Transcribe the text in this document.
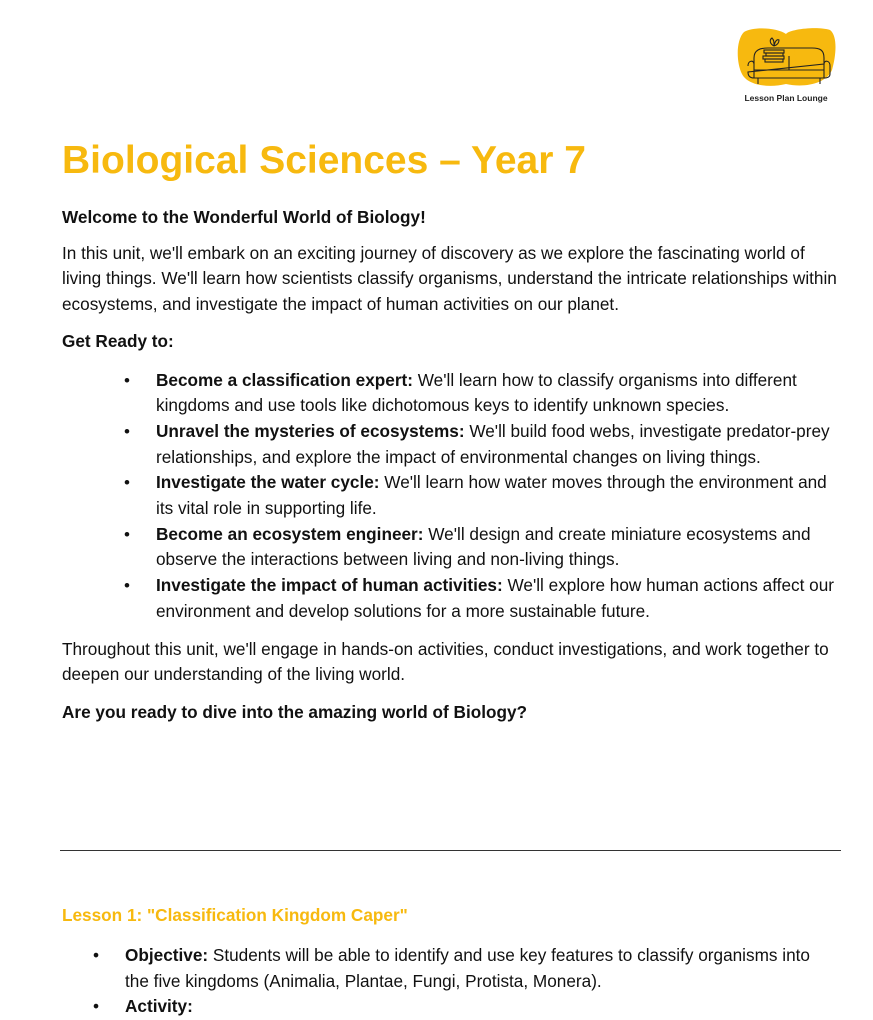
Lesson Plan Lounge
Biological Sciences – Year 7

Welcome to the Wonderful World of Biology!

In this unit, we'll embark on an exciting journey of discovery as we explore the fascinating world of living things. We'll learn how scientists classify organisms, understand the intricate relationships within ecosystems, and investigate the impact of human activities on our planet.

Get Ready to:

• Become a classification expert: We'll learn how to classify organisms into different kingdoms and use tools like dichotomous keys to identify unknown species.
• Unravel the mysteries of ecosystems: We'll build food webs, investigate predator-prey relationships, and explore the impact of environmental changes on living things.
• Investigate the water cycle: We'll learn how water moves through the environment and its vital role in supporting life.
• Become an ecosystem engineer: We'll design and create miniature ecosystems and observe the interactions between living and non-living things.
• Investigate the impact of human activities: We'll explore how human actions affect our environment and develop solutions for a more sustainable future.

Throughout this unit, we'll engage in hands-on activities, conduct investigations, and work together to deepen our understanding of the living world.

Are you ready to dive into the amazing world of Biology?

Lesson 1: "Classification Kingdom Caper"
• Objective: Students will be able to identify and use key features to classify organisms into the five kingdoms (Animalia, Plantae, Fungi, Protista, Monera).
• Activity:
